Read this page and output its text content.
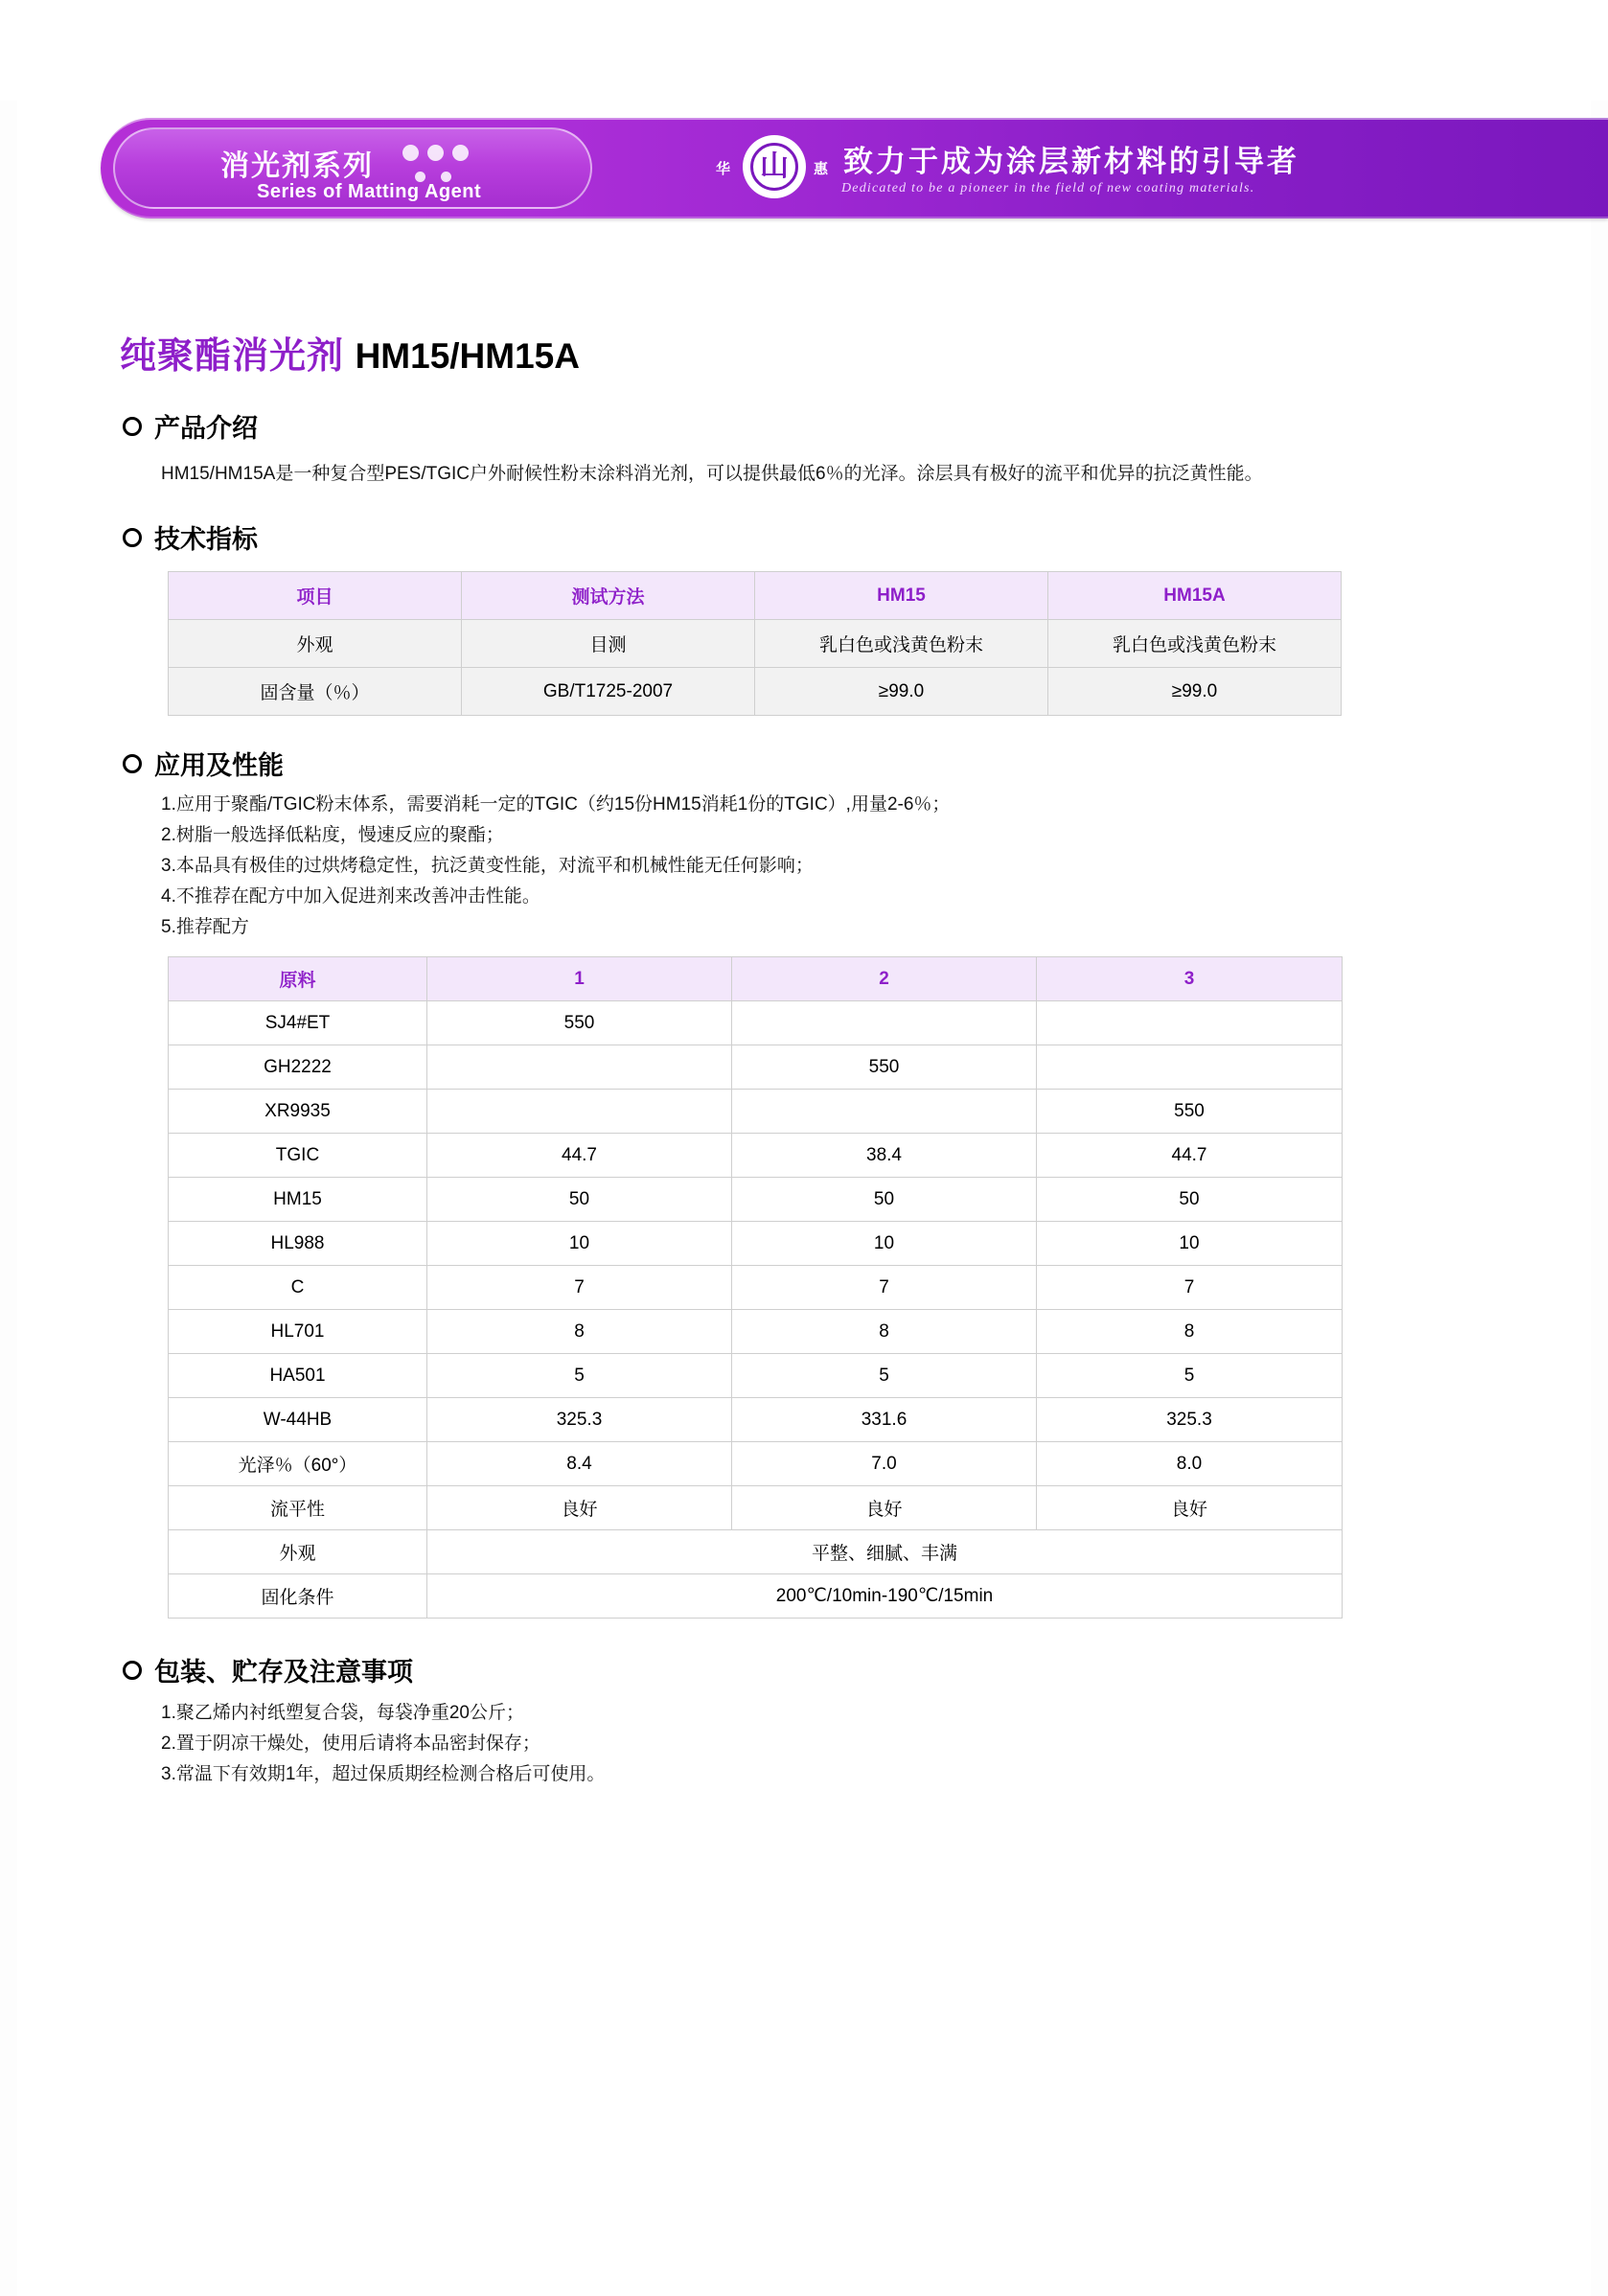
消光剂系列
Series of Matting Agent
华	山	惠 致力于成为涂层新材料的引导者
Dedicated to be a pioneer in the field of new coating materials.
纯聚酯消光剂 HM15/HM15A
产品介绍

HM15/HM15A是一种复合型PES/TGIC户外耐候性粉末涂料消光剂，可以提供最低6％的光泽。涂层具有极好的流平和优异的抗泛黄性能。

技术指标
项目	测试方法	HM15	HM15A
外观	目测	乳白色或浅黄色粉末	乳白色或浅黄色粉末
固含量（％）	GB/T1725-2007	≥99.0	≥99.0
应用及性能

1.应用于聚酯/TGIC粉末体系，需要消耗一定的TGIC（约15份HM15消耗1份的TGIC）,用量2-6％；

2.树脂一般选择低粘度，慢速反应的聚酯；

3.本品具有极佳的过烘烤稳定性，抗泛黄变性能，对流平和机械性能无任何影响；

4.不推荐在配方中加入促进剂来改善冲击性能。

5.推荐配方

原料	1	2	3
SJ4#ET	550		
GH2222		550	
XR9935			550
TGIC	44.7	38.4	44.7
HM15	50	50	50
HL988	10	10	10
C	7	7	7
HL701	8	8	8
HA501	5	5	5
W-44HB	325.3	331.6	325.3
光泽％（60°）	8.4	7.0	8.0
流平性	良好	良好	良好
外观	平整、细腻、丰满		
固化条件	200℃/10min-190℃/15min		
包装、贮存及注意事项

1.聚乙烯内衬纸塑复合袋，每袋净重20公斤；

2.置于阴凉干燥处，使用后请将本品密封保存；

3.常温下有效期1年，超过保质期经检测合格后可使用。
